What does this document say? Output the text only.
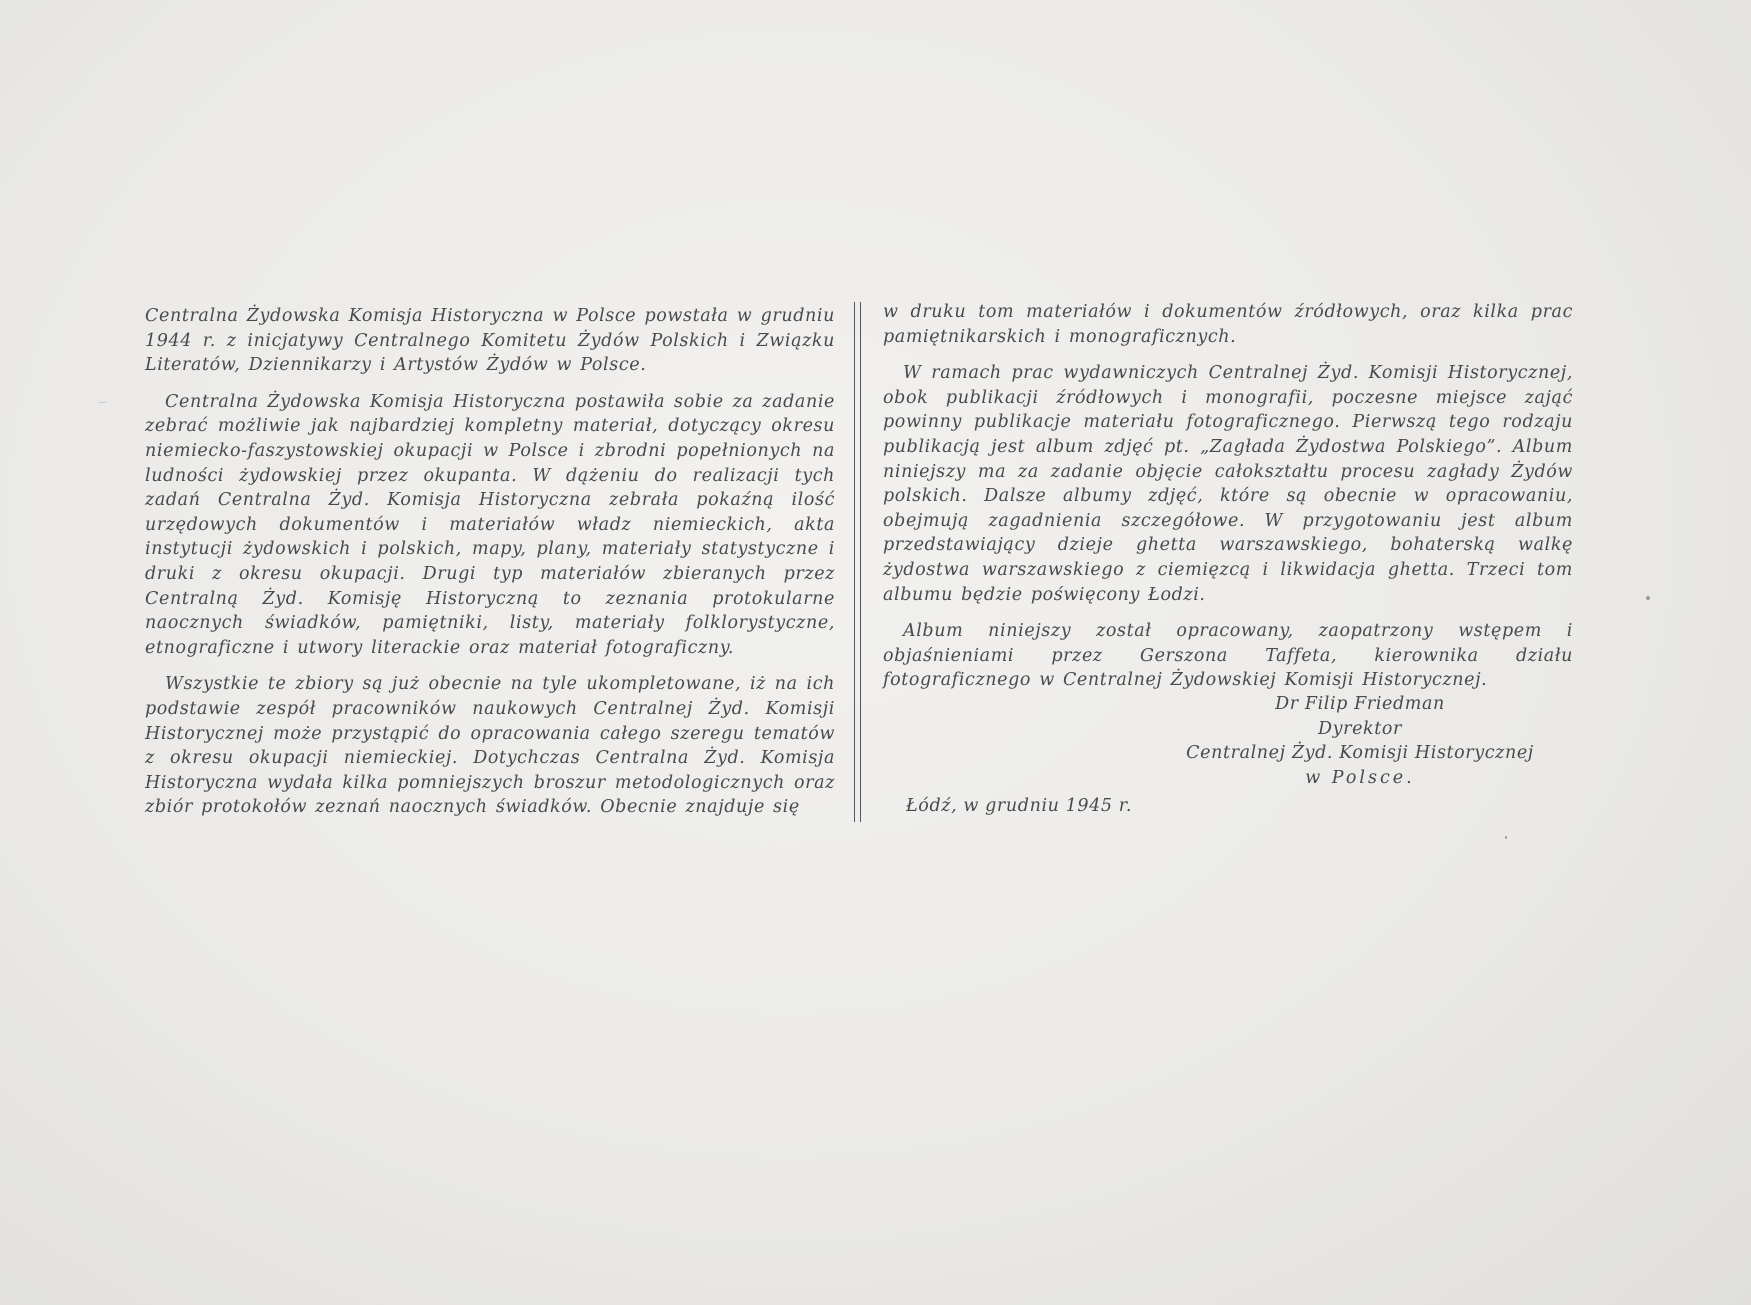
Centralna Żydowska Komisja Historyczna w Polsce powstała w grudniu 1944 r. z inicjatywy Centralnego Komitetu Żydów Polskich i Związku Literatów, Dziennikarzy i Artystów Żydów w Polsce.

Centralna Żydowska Komisja Historyczna postawiła sobie za zadanie zebrać możliwie jak najbardziej kompletny materiał, dotyczący okresu niemiecko-faszystowskiej okupacji w Polsce i zbrodni popełnionych na ludności żydowskiej przez okupanta. W dążeniu do realizacji tych zadań Centralna Żyd. Komisja Historyczna zebrała pokaźną ilość urzędowych dokumentów i materiałów władz niemieckich, akta instytucji żydowskich i polskich, mapy, plany, materiały statystyczne i druki z okresu okupacji. Drugi typ materiałów zbieranych przez Centralną Żyd. Komisję Historyczną to zeznania protokularne naocznych świadków, pamiętniki, listy, materiały folklorystyczne, etnograficzne i utwory literackie oraz materiał fotograficzny.

Wszystkie te zbiory są już obecnie na tyle ukompletowane, iż na ich podstawie zespół pracowników naukowych Centralnej Żyd. Komisji Historycznej może przystąpić do opracowania całego szeregu tematów z okresu okupacji niemieckiej. Dotychczas Centralna Żyd. Komisja Historyczna wydała kilka pomniejszych broszur metodologicznych oraz zbiór protokołów zeznań naocznych świadków. Obecnie znajduje się

w druku tom materiałów i dokumentów źródłowych, oraz kilka prac pamiętnikarskich i monograficznych.

W ramach prac wydawniczych Centralnej Żyd. Komisji Historycznej, obok publikacji źródłowych i monografii, poczesne miejsce zająć powinny publikacje materiału fotograficznego. Pierwszą tego rodzaju publikacją jest album zdjęć pt. „Zagłada Żydostwa Polskiego”. Album niniejszy ma za zadanie objęcie całokształtu procesu zagłady Żydów polskich. Dalsze albumy zdjęć, które są obecnie w opracowaniu, obejmują zagadnienia szczegółowe. W przygotowaniu jest album przedstawiający dzieje ghetta warszawskiego, bohaterską walkę żydostwa warszawskiego z ciemięzcą i likwidacja ghetta. Trzeci tom albumu będzie poświęcony Łodzi.

Album niniejszy został opracowany, zaopatrzony wstępem i objaśnieniami przez Gerszona Taffeta, kierownika działu fotograficznego w Centralnej Żydowskiej Komisji Historycznej.

Dr Filip Friedman
Dyrektor
Centralnej Żyd. Komisji Historycznej
w Polsce.
Łódź, w grudniu 1945 r.
